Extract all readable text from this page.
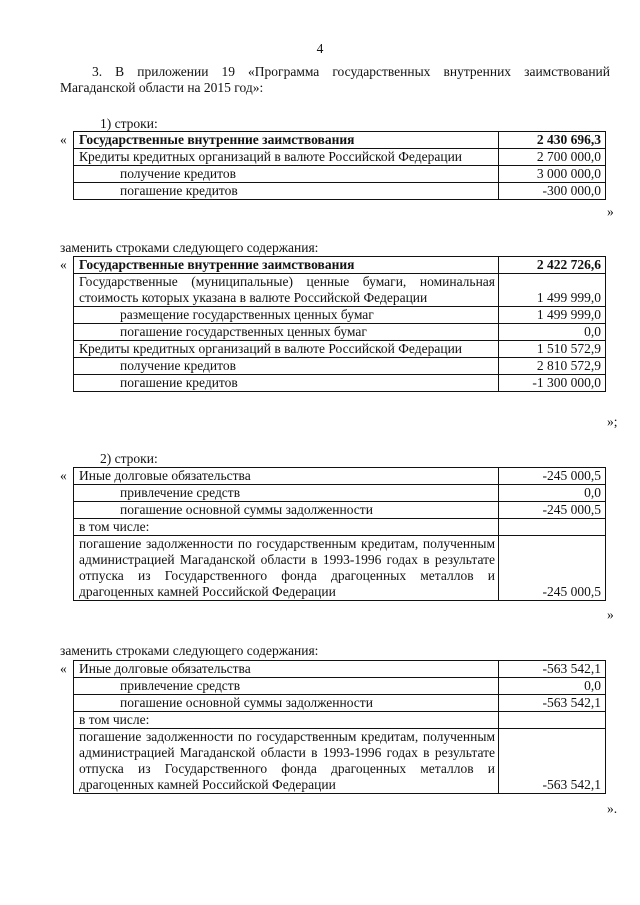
4
3. В приложении 19 «Программа государственных внутренних заимствований Магаданской области на 2015 год»:
1) строки:
« Государственные внутренние заимствования	2 430 696,3
Кредиты кредитных организаций в валюте Российской Федерации	2 700 000,0
получение кредитов	3 000 000,0
погашение кредитов	-300 000,0
»
заменить строками следующего содержания:
« Государственные внутренние заимствования	2 422 726,6
Государственные (муниципальные) ценные бумаги, номинальная стоимость которых указана в валюте Российской Федерации	1 499 999,0
размещение государственных ценных бумаг	1 499 999,0
погашение государственных ценных бумаг	0,0
Кредиты кредитных организаций в валюте Российской Федерации	1 510 572,9
получение кредитов	2 810 572,9
погашение кредитов	-1 300 000,0
»;
2) строки:
« Иные долговые обязательства	-245 000,5
привлечение средств	0,0
погашение основной суммы задолженности	-245 000,5
в том числе:	
погашение задолженности по государственным кредитам, полученным администрацией Магаданской области в 1993-1996 годах в результате отпуска из Государственного фонда драгоценных металлов и драгоценных камней Российской Федерации	-245 000,5
»
заменить строками следующего содержания:
« Иные долговые обязательства	-563 542,1
привлечение средств	0,0
погашение основной суммы задолженности	-563 542,1
в том числе:	
погашение задолженности по государственным кредитам, полученным администрацией Магаданской области в 1993-1996 годах в результате отпуска из Государственного фонда драгоценных металлов и драгоценных камней Российской Федерации	-563 542,1
».
